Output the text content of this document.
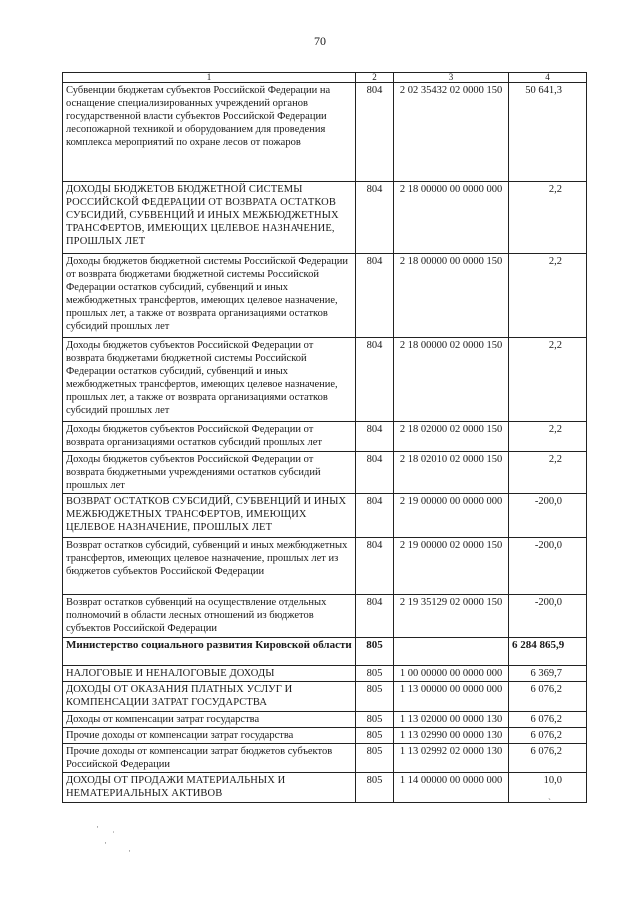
70
1	2	3	4
Субвенции бюджетам субъектов Российской Федерации на оснащение специализированных учреждений органов государственной власти субъектов Российской Федерации лесопожарной техникой и оборудованием для проведения комплекса мероприятий по охране лесов от пожаров	804	2 02 35432 02 0000 150	50 641,3
ДОХОДЫ БЮДЖЕТОВ БЮДЖЕТНОЙ СИСТЕМЫ РОССИЙСКОЙ ФЕДЕРАЦИИ ОТ ВОЗВРАТА ОСТАТКОВ СУБСИДИЙ, СУБВЕНЦИЙ И ИНЫХ МЕЖБЮДЖЕТНЫХ ТРАНСФЕРТОВ, ИМЕЮЩИХ ЦЕЛЕВОЕ НАЗНАЧЕНИЕ, ПРОШЛЫХ ЛЕТ	804	2 18 00000 00 0000 000	2,2
Доходы бюджетов бюджетной системы Российской Федерации от возврата бюджетами бюджетной системы Российской Федерации остатков субсидий, субвенций и иных межбюджетных трансфертов, имеющих целевое назначение, прошлых лет, а также от возврата организациями остатков субсидий прошлых лет	804	2 18 00000 00 0000 150	2,2
Доходы бюджетов субъектов Российской Федерации от возврата бюджетами бюджетной системы Российской Федерации остатков субсидий, субвенций и иных межбюджетных трансфертов, имеющих целевое назначение, прошлых лет, а также от возврата организациями остатков субсидий прошлых лет	804	2 18 00000 02 0000 150	2,2
Доходы бюджетов субъектов Российской Федерации от возврата организациями остатков субсидий прошлых лет	804	2 18 02000 02 0000 150	2,2
Доходы бюджетов субъектов Российской Федерации от возврата бюджетными учреждениями остатков субсидий прошлых лет	804	2 18 02010 02 0000 150	2,2
ВОЗВРАТ ОСТАТКОВ СУБСИДИЙ, СУБВЕНЦИЙ И ИНЫХ МЕЖБЮДЖЕТНЫХ ТРАНСФЕРТОВ, ИМЕЮЩИХ ЦЕЛЕВОЕ НАЗНАЧЕНИЕ, ПРОШЛЫХ ЛЕТ	804	2 19 00000 00 0000 000	-200,0
Возврат остатков субсидий, субвенций и иных межбюджетных трансфертов, имеющих целевое назначение, прошлых лет из бюджетов субъектов Российской Федерации	804	2 19 00000 02 0000 150	-200,0
Возврат остатков субвенций на осуществление отдельных полномочий в области лесных отношений из бюджетов субъектов Российской Федерации	804	2 19 35129 02 0000 150	-200,0
Министерство социального развития Кировской области	805		6 284 865,9
НАЛОГОВЫЕ И НЕНАЛОГОВЫЕ ДОХОДЫ	805	1 00 00000 00 0000 000	6 369,7
ДОХОДЫ ОТ ОКАЗАНИЯ ПЛАТНЫХ УСЛУГ И КОМПЕНСАЦИИ ЗАТРАТ ГОСУДАРСТВА	805	1 13 00000 00 0000 000	6 076,2
Доходы от компенсации затрат государства	805	1 13 02000 00 0000 130	6 076,2
Прочие доходы от компенсации затрат государства	805	1 13 02990 00 0000 130	6 076,2
Прочие доходы от компенсации затрат бюджетов субъектов Российской Федерации	805	1 13 02992 02 0000 130	6 076,2
ДОХОДЫ ОТ ПРОДАЖИ МАТЕРИАЛЬНЫХ И НЕМАТЕРИАЛЬНЫХ АКТИВОВ	805	1 14 00000 00 0000 000	10,0
·
˙
·
·
ˎ
